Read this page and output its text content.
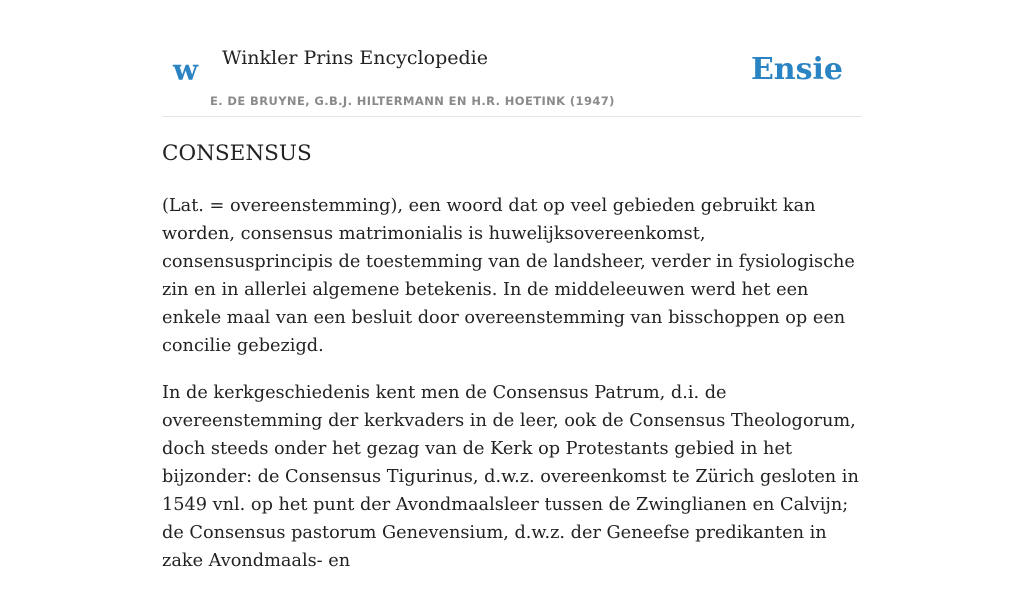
w Winkler Prins Encyclopedie
E. DE BRUYNE, G.B.J. HILTERMANN EN H.R. HOETINK (1947)
Ensie
CONSENSUS

(Lat. = overeenstemming), een woord dat op veel gebieden gebruikt kan worden, consensus matrimonialis is huwelijksovereenkomst, consensusprincipis de toestemming van de landsheer, verder in fysiologische zin en in allerlei algemene betekenis. In de middeleeuwen werd het een enkele maal van een besluit door overeenstemming van bisschoppen op een concilie gebezigd.

In de kerkgeschiedenis kent men de Consensus Patrum, d.i. de overeenstemming der kerkvaders in de leer, ook de Consensus Theologorum, doch steeds onder het gezag van de Kerk op Protestants gebied in het bijzonder: de Consensus Tigurinus, d.w.z. overeenkomst te Zürich gesloten in 1549 vnl. op het punt der Avondmaalsleer tussen de Zwinglianen en Calvijn; de Consensus pastorum Genevensium, d.w.z. der Geneefse predikanten in zake Avondmaals- en
